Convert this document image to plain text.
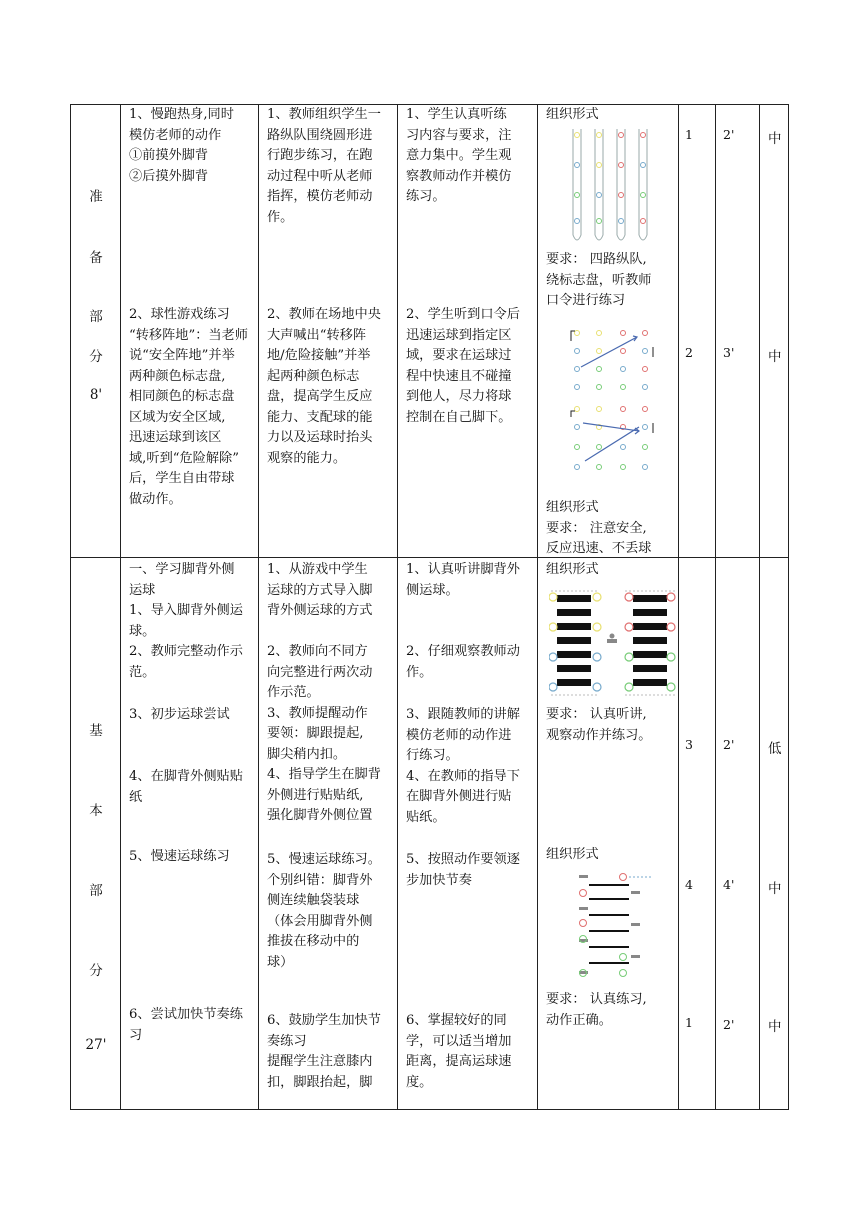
准
备
部
分
8'
1、慢跑热身,同时
模仿老师的动作
①前摸外脚背
②后摸外脚背
1、教师组织学生一
路纵队围绕圆形进
行跑步练习，在跑
动过程中听从老师
指挥，模仿老师动
作。
1、学生认真听练
习内容与要求，注
意力集中。学生观
察教师动作并模仿
练习。
组织形式
要求： 四路纵队,
绕标志盘，听教师
口令进行练习
1 2' 中
2、球性游戏练习
“转移阵地”：当老师
说“安全阵地”并举
两种颜色标志盘,
相同颜色的标志盘
区域为安全区域,
迅速运球到该区
域,听到“危险解除”
后，学生自由带球
做动作。
2、教师在场地中央
大声喊出“转移阵
地/危险接触”并举
起两种颜色标志
盘，提高学生反应
能力、支配球的能
力以及运球时抬头
观察的能力。
2、学生听到口令后
迅速运球到指定区
域，要求在运球过
程中快速且不碰撞
到他人，尽力将球
控制在自己脚下。
组织形式
要求： 注意安全,
反应迅速、不丢球
2 3' 中
基
本
部
分
27'
一、学习脚背外侧
运球
1、导入脚背外侧运
球。
2、教师完整动作示
范。
3、初步运球尝试
4、在脚背外侧贴贴
纸
5、慢速运球练习
6、尝试加快节奏练
习
1、从游戏中学生
运球的方式导入脚
背外侧运球的方式
2、教师向不同方
向完整进行两次动
作示范。
3、教师提醒动作
要领：脚跟提起,
脚尖稍内扣。
4、指导学生在脚背
外侧进行贴贴纸,
强化脚背外侧位置
5、慢速运球练习。
个别纠错：脚背外
侧连续触袋装球
（体会用脚背外侧
推拔在移动中的
球）
6、鼓励学生加快节
奏练习
提醒学生注意膝内
扣，脚跟抬起，脚
1、认真听讲脚背外
侧运球。
2、仔细观察教师动
作。
3、跟随教师的讲解
模仿老师的动作进
行练习。
4、在教师的指导下
在脚背外侧进行贴
贴纸。
5、按照动作要领逐
步加快节奏
6、掌握较好的同
学，可以适当增加
距离，提高运球速
度。
组织形式
要求： 认真听讲,
观察动作并练习。
组织形式
要求： 认真练习,
动作正确。
3 2' 低
4 4' 中
1 2' 中
